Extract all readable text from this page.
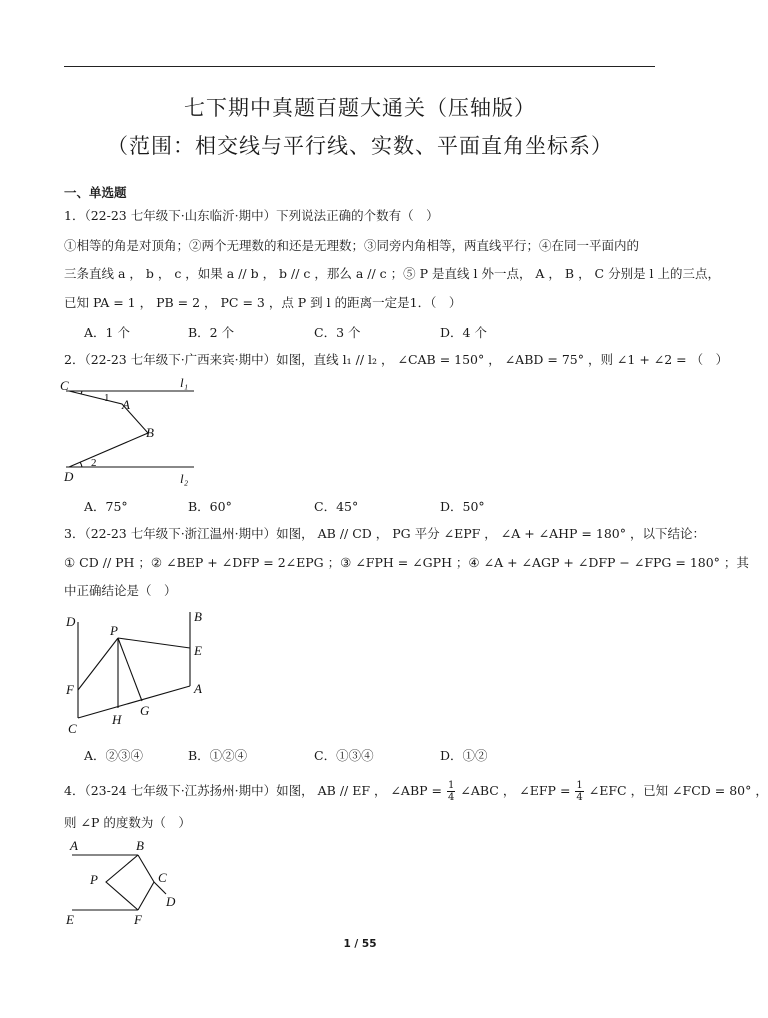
七下期中真题百题大通关（压轴版）
（范围：相交线与平行线、实数、平面直角坐标系）
一、单选题
1．（22-23 七年级下·山东临沂·期中）下列说法正确的个数有（　）
①相等的角是对顶角；②两个无理数的和还是无理数；③同旁内角相等，两直线平行；④在同一平面内的
三条直线 a ， b ， c ，如果 a // b ， b // c ，那么 a // c ；⑤ P 是直线 l 外一点， A ， B ， C 分别是 l 上的三点，
已知 PA = 1 ， PB = 2 ， PC = 3 ，点 P 到 l 的距离一定是1．（　）
A．1 个	B．2 个	C．3 个	D．4 个
2．（22-23 七年级下·广西来宾·期中）如图，直线 l₁ // l₂ ， ∠CAB = 150° ， ∠ABD = 75° ，则 ∠1 + ∠2 = （　）
C	l₁
1 A
B
2
D	l₂
A．75°	B．60°	C．45°	D．50°
3．（22-23 七年级下·浙江温州·期中）如图， AB // CD ， PG 平分 ∠EPF ， ∠A + ∠AHP = 180° ，以下结论：
① CD // PH ；② ∠BEP + ∠DFP = 2∠EPG ；③ ∠FPH = ∠GPH ；④ ∠A + ∠AGP + ∠DFP − ∠FPG = 180° ；其
中正确结论是（　）
D
P
B
E
F	A
G
H
C
A．②③④	B．①②④	C．①③④	D．①②
4．（23-24 七年级下·江苏扬州·期中）如图， AB // EF ， ∠ABP = $\frac{1}{4}$ ∠ABC ， ∠EFP = $\frac{1}{4}$ ∠EFC ，已知 ∠FCD = 80° ，
则 ∠P 的度数为（　）
A	B
P	C
D
E	F
1 / 55
